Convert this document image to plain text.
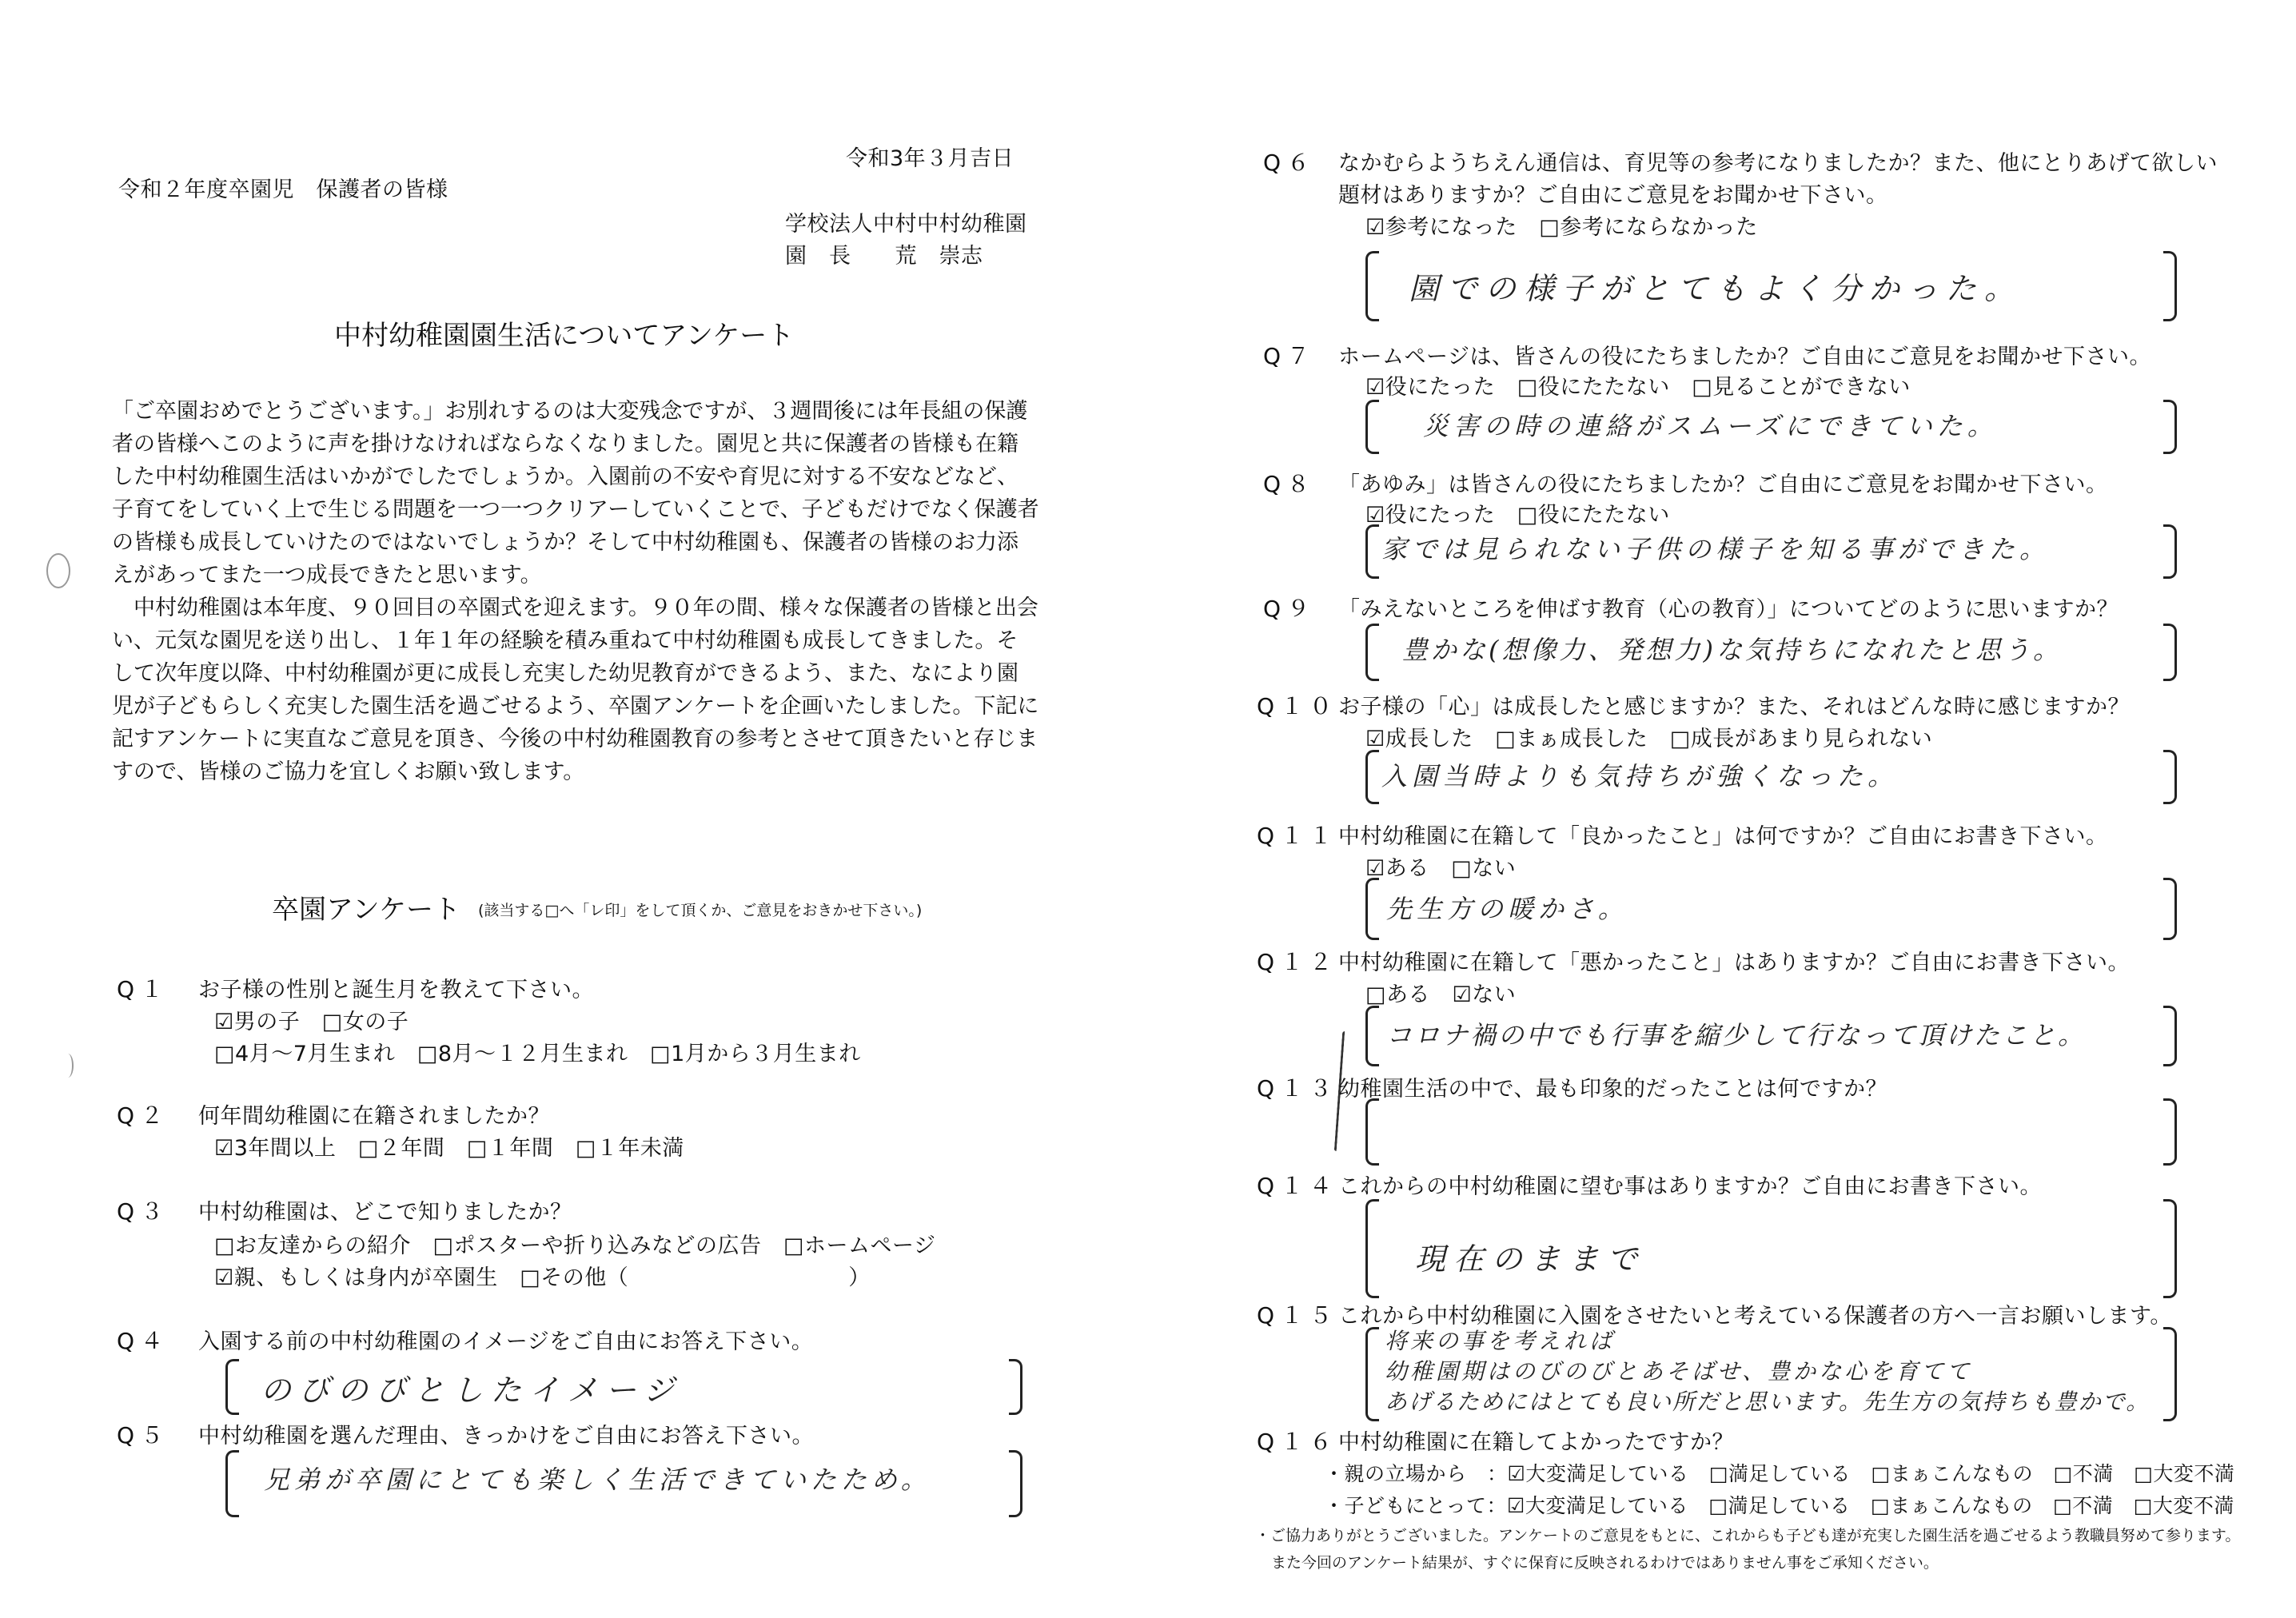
令和3年３月吉日
令和２年度卒園児　保護者の皆様
学校法人中村中村幼稚園
園　長　　荒　崇志
中村幼稚園園生活についてアンケート

「ご卒園おめでとうございます。」お別れするのは大変残念ですが、３週間後には年長組の保護者の皆様へこのように声を掛けなければならなくなりました。園児と共に保護者の皆様も在籍した中村幼稚園生活はいかがでしたでしょうか。入園前の不安や育児に対する不安などなど、子育てをしていく上で生じる問題を一つ一つクリアーしていくことで、子どもだけでなく保護者の皆様も成長していけたのではないでしょうか？そして中村幼稚園も、保護者の皆様のお力添えがあってまた一つ成長できたと思います。

中村幼稚園は本年度、９０回目の卒園式を迎えます。９０年の間、様々な保護者の皆様と出会い、元気な園児を送り出し、１年１年の経験を積み重ねて中村幼稚園も成長してきました。そして次年度以降、中村幼稚園が更に成長し充実した幼児教育ができるよう、また、なにより園児が子どもらしく充実した園生活を過ごせるよう、卒園アンケートを企画いたしました。下記に記すアンケートに実直なご意見を頂き、今後の中村幼稚園教育の参考とさせて頂きたいと存じますので、皆様のご協力を宜しくお願い致します。

卒園アンケート (該当する□へ「レ印」をして頂くか、ご意見をおきかせ下さい。)
Q１ お子様の性別と誕生月を教えて下さい。
☑男の子　□女の子
□4月～7月生まれ　□8月～１２月生まれ　□1月から３月生まれ
Q２ 何年間幼稚園に在籍されましたか？
☑3年間以上　□２年間　□１年間　□１年未満
Q３ 中村幼稚園は、どこで知りましたか？
□お友達からの紹介　□ポスターや折り込みなどの広告　□ホームページ
☑親、もしくは身内が卒園生　□その他（　　　　　　　　　　）
Q４ 入園する前の中村幼稚園のイメージをご自由にお答え下さい。
のびのびとしたイメージ
Q５ 中村幼稚園を選んだ理由、きっかけをご自由にお答え下さい。
兄弟が卒園にとても楽しく生活できていたため。
Q６ なかむらようちえん通信は、育児等の参考になりましたか？また、他にとりあげて欲しい
題材はありますか？ご自由にご意見をお聞かせ下さい。
☑参考になった　□参考にならなかった
園での様子がとてもよく分かった。
Q７ ホームページは、皆さんの役にたちましたか？ご自由にご意見をお聞かせ下さい。
☑役にたった　□役にたたない　□見ることができない
災害の時の連絡がスムーズにできていた。
Q８ 「あゆみ」は皆さんの役にたちましたか？ご自由にご意見をお聞かせ下さい。
☑役にたった　□役にたたない
家では見られない子供の様子を知る事ができた。
Q９ 「みえないところを伸ばす教育（心の教育）」についてどのように思いますか？
豊かな(想像力、発想力)な気持ちになれたと思う。
Q１０ お子様の「心」は成長したと感じますか？また、それはどんな時に感じますか？
☑成長した　□まぁ成長した　□成長があまり見られない
入園当時よりも気持ちが強くなった。
Q１１ 中村幼稚園に在籍して「良かったこと」は何ですか？ご自由にお書き下さい。
☑ある　□ない
先生方の暖かさ。
Q１２ 中村幼稚園に在籍して「悪かったこと」はありますか？ご自由にお書き下さい。
□ある　☑ない
コロナ禍の中でも行事を縮少して行なって頂けたこと。
Q１３ 幼稚園生活の中で、最も印象的だったことは何ですか？
Q１４ これからの中村幼稚園に望む事はありますか？ご自由にお書き下さい。
現在のままで
Q１５ これから中村幼稚園に入園をさせたいと考えている保護者の方へ一言お願いします。
将来の事を考えれば
幼稚園期はのびのびとあそばせ、豊かな心を育てて
あげるためにはとても良い所だと思います。先生方の気持ちも豊かで。
Q１６ 中村幼稚園に在籍してよかったですか？
・親の立場から　：☑大変満足している　□満足している　□まぁこんなもの　□不満　□大変不満
・子どもにとって：☑大変満足している　□満足している　□まぁこんなもの　□不満　□大変不満
・ご協力ありがとうございました。アンケートのご意見をもとに、これからも子ども達が充実した園生活を過ごせるよう教職員努めて参ります。
また今回のアンケート結果が、すぐに保育に反映されるわけではありません事をご承知ください。
